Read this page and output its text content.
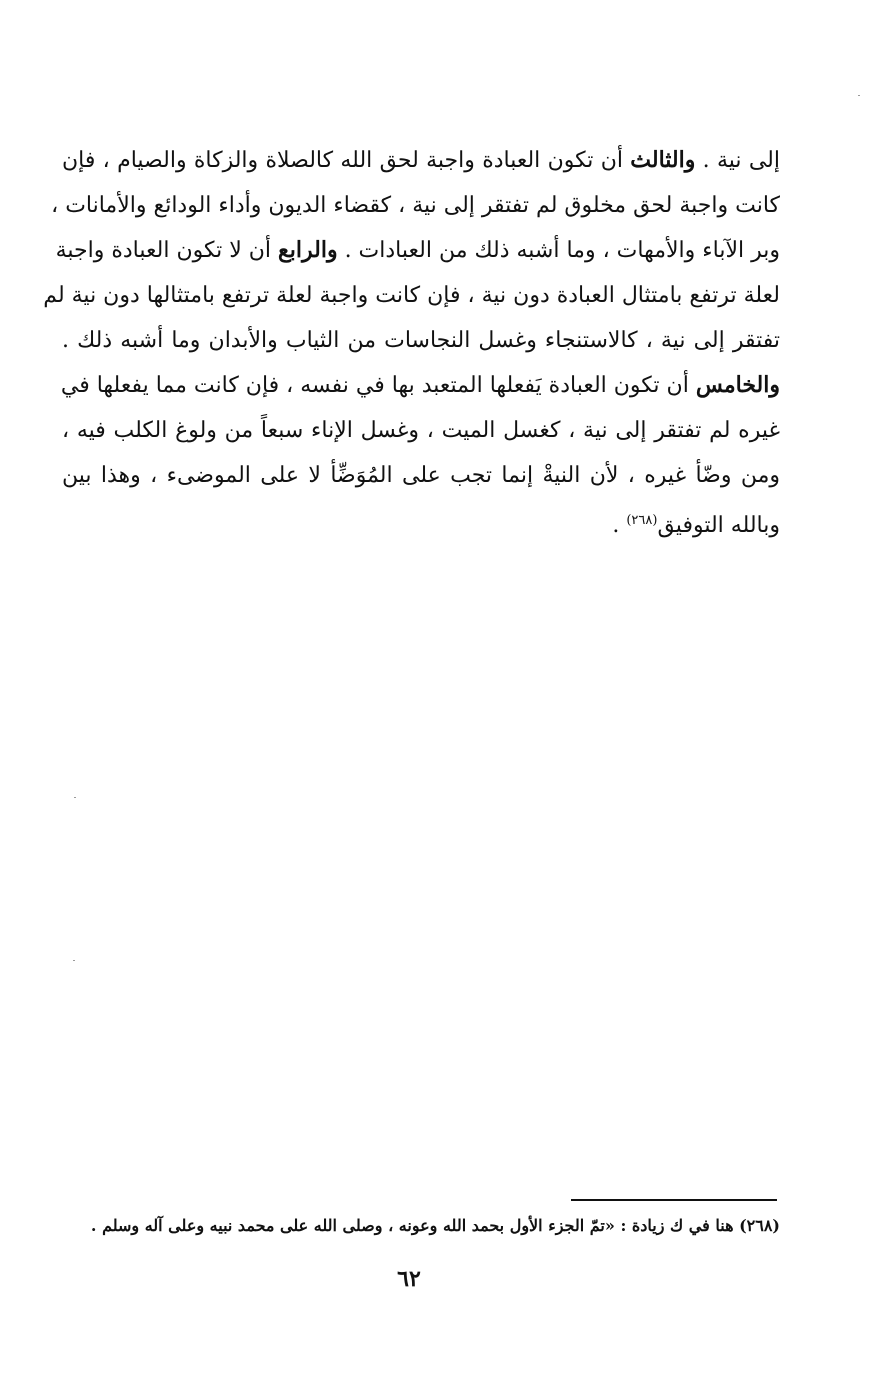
إلى نية . والثالث أن تكون العبادة واجبة لحق الله كالصلاة والزكاة والصيام ، فإن
كانت واجبة لحق مخلوق لم تفتقر إلى نية ، كقضاء الديون وأداء الودائع والأمانات ،
وبر الآباء والأمهات ، وما أشبه ذلك من العبادات . والرابع أن لا تكون العبادة واجبة
لعلة ترتفع بامتثال العبادة دون نية ، فإن كانت واجبة لعلة ترتفع بامتثالها دون نية لم
تفتقر إلى نية ، كالاستنجاء وغسل النجاسات من الثياب والأبدان وما أشبه ذلك .
والخامس أن تكون العبادة يَفعلها المتعبد بها في نفسه ، فإن كانت مما يفعلها في
غيره لم تفتقر إلى نية ، كغسل الميت ، وغسل الإناء سبعاً من ولوغ الكلب فيه ،
ومن وضّأ غيره ، لأن النيةْ إنما تجب على المُوَضِّأ لا على الموضىء ، وهذا بين
وبالله التوفيق$^{(٢٦٨)}$ .
(٢٦٨) هنا في ك زيادة : «تمّ الجزء الأول بحمد الله وعونه ، وصلى الله على محمد نبيه وعلى آله وسلم .
٦٢
